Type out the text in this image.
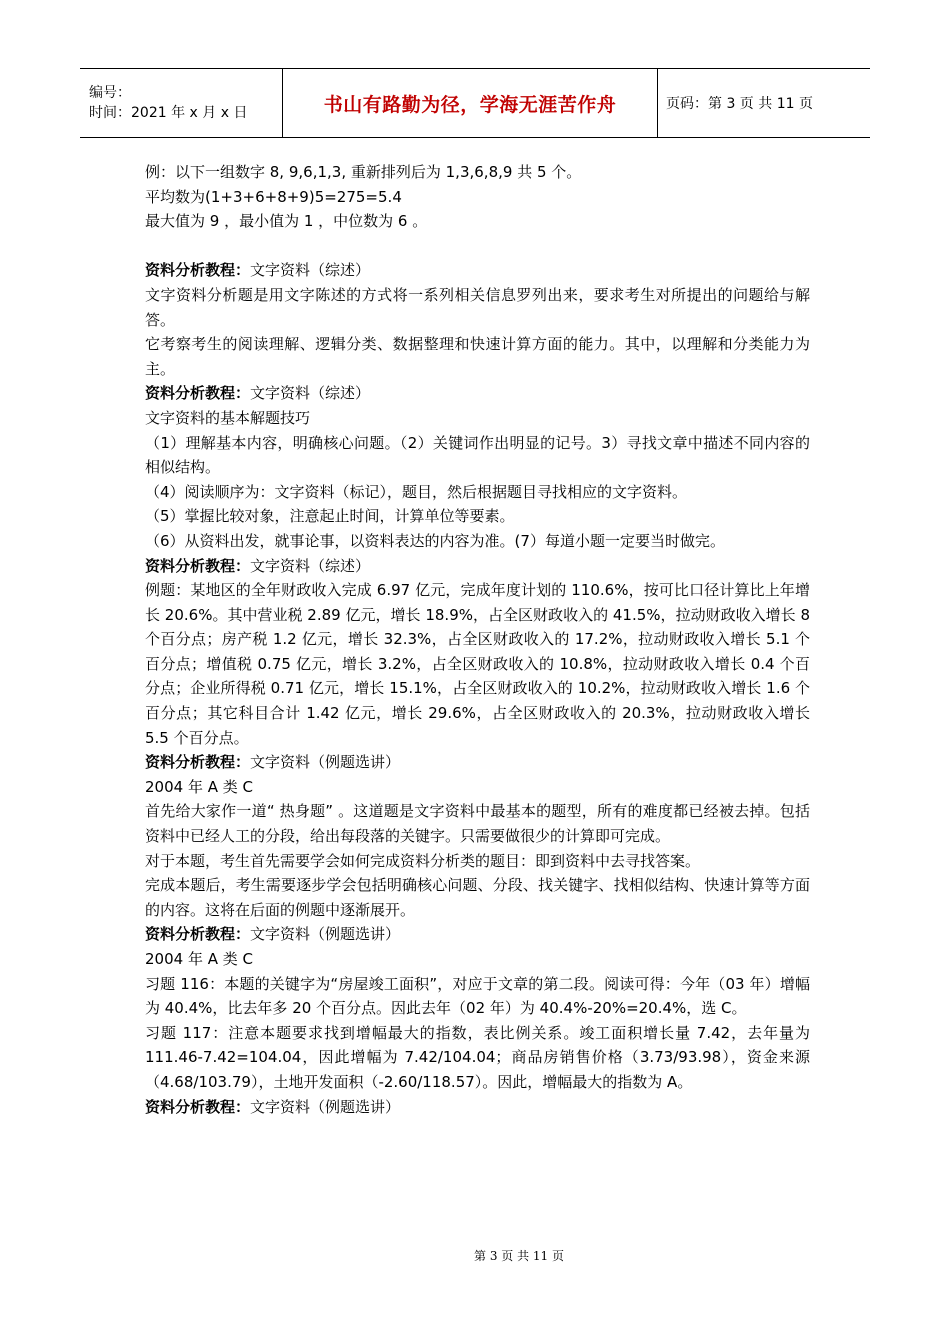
编号：
时间：2021 年 x 月 x 日	书山有路勤为径，学海无涯苦作舟	页码：第 3 页 共 11 页

例：以下一组数字 8, 9,6,1,3, 重新排列后为 1,3,6,8,9 共 5 个。

平均数为(1+3+6+8+9)5=275=5.4

最大值为 9 ，最小值为 1 ，中位数为 6 。

资料分析教程：文字资料（综述）

文字资料分析题是用文字陈述的方式将一系列相关信息罗列出来，要求考生对所提出的问题给与解答。

它考察考生的阅读理解、逻辑分类、数据整理和快速计算方面的能力。其中，以理解和分类能力为主。

资料分析教程：文字资料（综述）

文字资料的基本解题技巧

（1）理解基本内容，明确核心问题。（2）关键词作出明显的记号。3）寻找文章中描述不同内容的相似结构。

（4）阅读顺序为：文字资料（标记），题目，然后根据题目寻找相应的文字资料。

（5）掌握比较对象，注意起止时间，计算单位等要素。

（6）从资料出发，就事论事，以资料表达的内容为准。(7）每道小题一定要当时做完。

资料分析教程：文字资料（综述）

例题：某地区的全年财政收入完成 6.97 亿元，完成年度计划的 110.6%，按可比口径计算比上年增长 20.6%。其中营业税 2.89 亿元，增长 18.9%，占全区财政收入的 41.5%，拉动财政收入增长 8 个百分点；房产税 1.2 亿元，增长 32.3%，占全区财政收入的 17.2%，拉动财政收入增长 5.1 个百分点；增值税 0.75 亿元，增长 3.2%，占全区财政收入的 10.8%，拉动财政收入增长 0.4 个百分点；企业所得税 0.71 亿元，增长 15.1%，占全区财政收入的 10.2%，拉动财政收入增长 1.6 个百分点；其它科目合计 1.42 亿元，增长 29.6%，占全区财政收入的 20.3%，拉动财政收入增长 5.5 个百分点。

资料分析教程：文字资料（例题选讲）

2004 年 A 类 C

首先给大家作一道“ 热身题” 。这道题是文字资料中最基本的题型，所有的难度都已经被去掉。包括资料中已经人工的分段，给出每段落的关键字。只需要做很少的计算即可完成。

对于本题，考生首先需要学会如何完成资料分析类的题目：即到资料中去寻找答案。

完成本题后，考生需要逐步学会包括明确核心问题、分段、找关键字、找相似结构、快速计算等方面的内容。这将在后面的例题中逐渐展开。

资料分析教程：文字资料（例题选讲）

2004 年 A 类 C

习题 116：本题的关键字为“房屋竣工面积”，对应于文章的第二段。阅读可得：今年（03 年）增幅为 40.4%，比去年多 20 个百分点。因此去年（02 年）为 40.4%-20%=20.4%，选 C。

习题 117：注意本题要求找到增幅最大的指数，表比例关系。竣工面积增长量 7.42，去年量为 111.46-7.42=104.04，因此增幅为 7.42/104.04；商品房销售价格（3.73/93.98），资金来源（4.68/103.79），土地开发面积（-2.60/118.57）。因此，增幅最大的指数为 A。

资料分析教程：文字资料（例题选讲）

第 3 页 共 11 页
